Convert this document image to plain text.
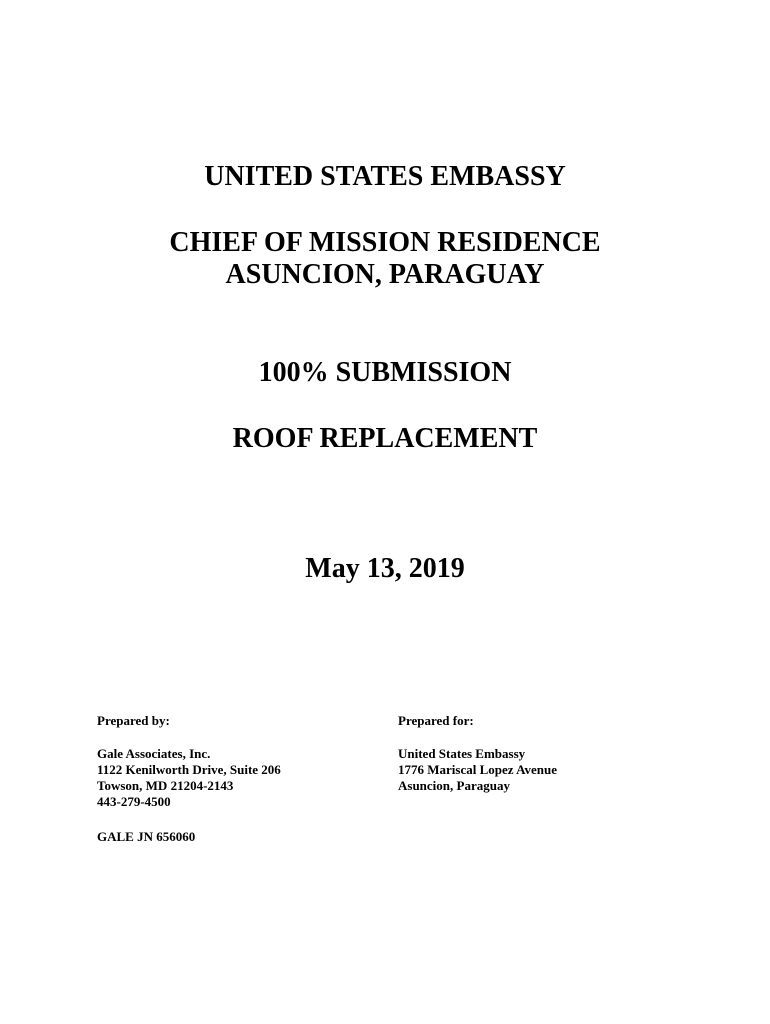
UNITED STATES EMBASSY
CHIEF OF MISSION RESIDENCE
ASUNCION, PARAGUAY
100% SUBMISSION
ROOF REPLACEMENT
May 13, 2019
Prepared by:
Gale Associates, Inc.
1122 Kenilworth Drive, Suite 206
Towson, MD 21204-2143
443-279-4500
GALE JN 656060
Prepared for:
United States Embassy
1776 Mariscal Lopez Avenue
Asuncion, Paraguay
